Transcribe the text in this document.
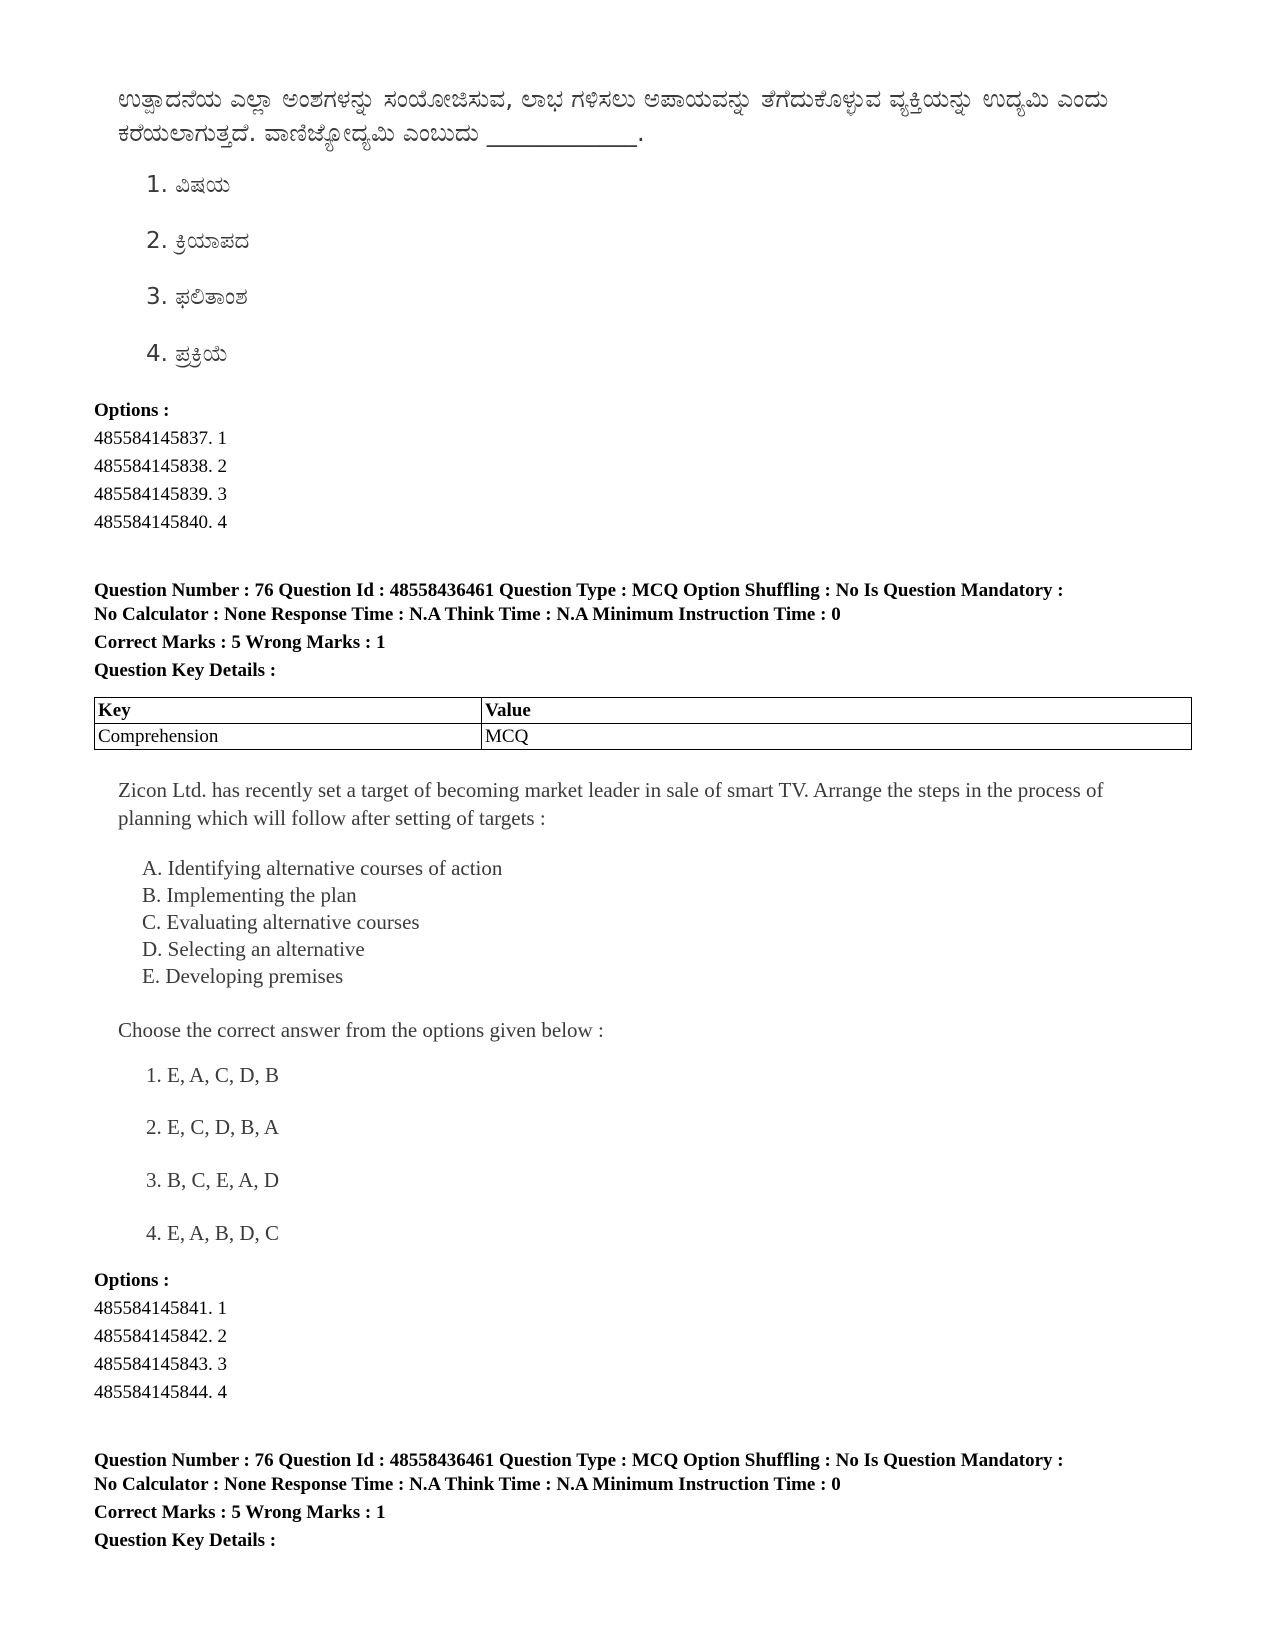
ಉತ್ಪಾದನೆಯ ಎಲ್ಲಾ ಅಂಶಗಳನ್ನು ಸಂಯೋಜಿಸುವ, ಲಾಭ ಗಳಿಸಲು ಅಪಾಯವನ್ನು ತೆಗೆದುಕೊಳ್ಳುವ ವ್ಯಕ್ತಿಯನ್ನು ಉದ್ಯಮಿ ಎಂದು ಕರೆಯಲಾಗುತ್ತದೆ. ವಾಣಿಜ್ಯೋದ್ಯಮಿ ಎಂಬುದು ____________.
1. ವಿಷಯ
2. ಕ್ರಿಯಾಪದ
3. ಫಲಿತಾಂಶ
4. ಪ್ರಕ್ರಿಯೆ
Options :
485584145837. 1
485584145838. 2
485584145839. 3
485584145840. 4
Question Number : 76 Question Id : 48558436461 Question Type : MCQ Option Shuffling : No Is Question Mandatory :
No Calculator : None Response Time : N.A Think Time : N.A Minimum Instruction Time : 0
Correct Marks : 5 Wrong Marks : 1
Question Key Details :
Key	Value
Comprehension	MCQ
Zicon Ltd. has recently set a target of becoming market leader in sale of smart TV. Arrange the steps in the process of planning which will follow after setting of targets :
A. Identifying alternative courses of action
B. Implementing the plan
C. Evaluating alternative courses
D. Selecting an alternative
E. Developing premises
Choose the correct answer from the options given below :
1. E, A, C, D, B
2. E, C, D, B, A
3. B, C, E, A, D
4. E, A, B, D, C
Options :
485584145841. 1
485584145842. 2
485584145843. 3
485584145844. 4
Question Number : 76 Question Id : 48558436461 Question Type : MCQ Option Shuffling : No Is Question Mandatory :
No Calculator : None Response Time : N.A Think Time : N.A Minimum Instruction Time : 0
Correct Marks : 5 Wrong Marks : 1
Question Key Details :
